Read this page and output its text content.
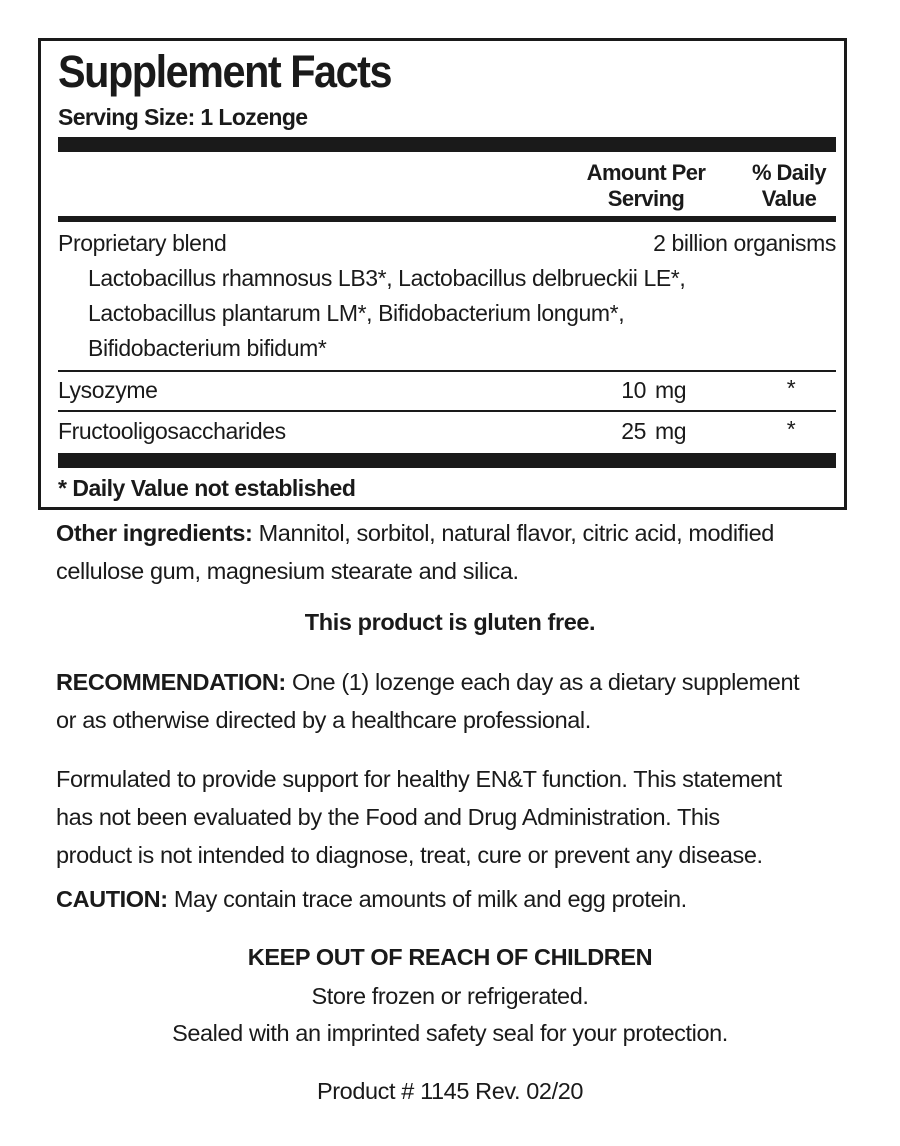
Supplement Facts
Serving Size: 1 Lozenge
Amount Per
Serving
% Daily
Value
Proprietary blend	2 billion organisms
Lactobacillus rhamnosus LB3*, Lactobacillus delbrueckii LE*,
Lactobacillus plantarum LM*, Bifidobacterium longum*,
Bifidobacterium bifidum*
Lysozyme	10 mg	*
Fructooligosaccharides	25 mg	*
* Daily Value not established
Other ingredients: Mannitol, sorbitol, natural flavor, citric acid, modified
cellulose gum, magnesium stearate and silica.
This product is gluten free.
RECOMMENDATION: One (1) lozenge each day as a dietary supplement
or as otherwise directed by a healthcare professional.
Formulated to provide support for healthy EN&T function. This statement
has not been evaluated by the Food and Drug Administration. This
product is not intended to diagnose, treat, cure or prevent any disease.
CAUTION: May contain trace amounts of milk and egg protein.
KEEP OUT OF REACH OF CHILDREN
Store frozen or refrigerated.
Sealed with an imprinted safety seal for your protection.
Product # 1145 Rev. 02/20
